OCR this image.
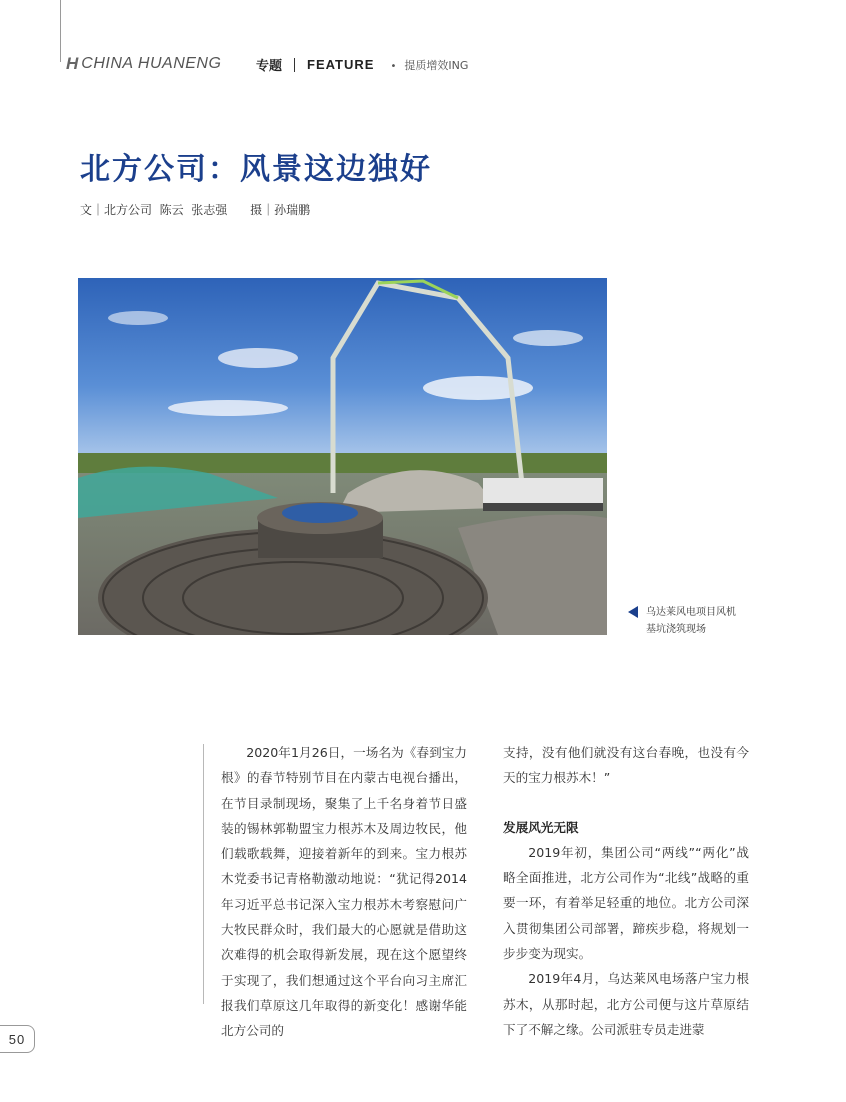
H CHINA HUANENG	专题 FEATURE • 提质增效ING
北方公司：风景这边独好
文｜北方公司  陈云  张志强      摄｜孙瑞鹏
乌达莱风电项目风机
基坑浇筑现场

2020年1月26日，一场名为《春到宝力根》的春节特别节目在内蒙古电视台播出，在节目录制现场，聚集了上千名身着节日盛装的锡林郭勒盟宝力根苏木及周边牧民，他们载歌载舞，迎接着新年的到来。宝力根苏木党委书记青格勒激动地说：“犹记得2014年习近平总书记深入宝力根苏木考察慰问广大牧民群众时，我们最大的心愿就是借助这次难得的机会取得新发展，现在这个愿望终于实现了，我们想通过这个平台向习主席汇报我们草原这几年取得的新变化！感谢华能北方公司的

支持，没有他们就没有这台春晚，也没有今天的宝力根苏木！”

发展风光无限

2019年初，集团公司“两线”“两化”战略全面推进，北方公司作为“北线”战略的重要一环，有着举足轻重的地位。北方公司深入贯彻集团公司部署，蹄疾步稳，将规划一步步变为现实。

2019年4月，乌达莱风电场落户宝力根苏木，从那时起，北方公司便与这片草原结下了不解之缘。公司派驻专员走进蒙

50
